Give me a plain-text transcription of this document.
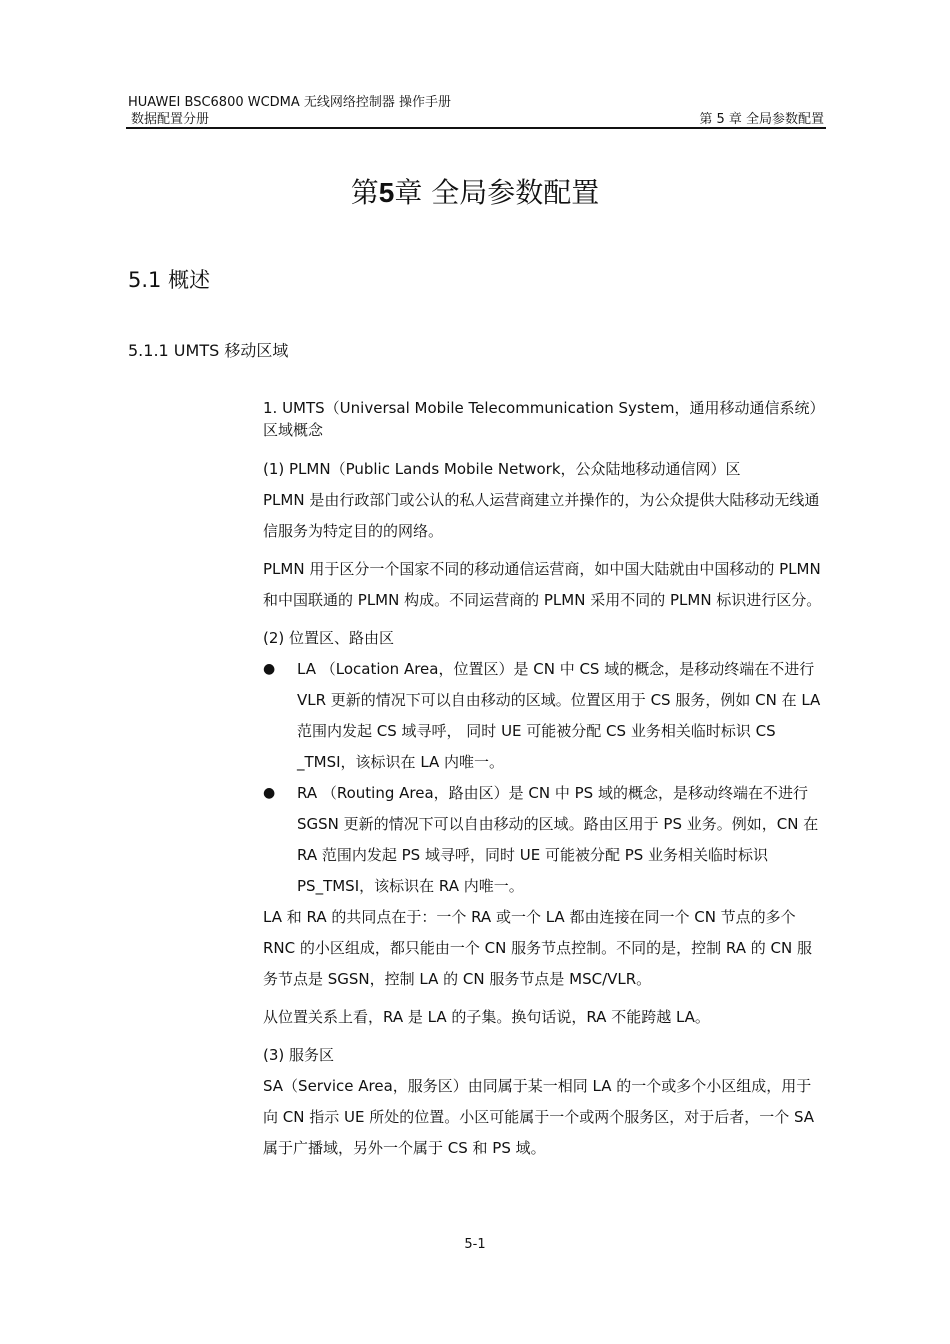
HUAWEI BSC6800 WCDMA 无线网络控制器 操作手册
数据配置分册	第 5 章 全局参数配置
第5章 全局参数配置
5.1 概述
5.1.1 UMTS 移动区域

1. UMTS（Universal Mobile Telecommunication System，通用移动通信系统）区域概念

(1) PLMN（Public Lands Mobile Network，公众陆地移动通信网）区

PLMN 是由行政部门或公认的私人运营商建立并操作的，为公众提供大陆移动无线通信服务为特定目的的网络。

PLMN 用于区分一个国家不同的移动通信运营商，如中国大陆就由中国移动的 PLMN 和中国联通的 PLMN 构成。不同运营商的 PLMN 采用不同的 PLMN 标识进行区分。

(2) 位置区、路由区

● LA （Location Area，位置区）是 CN 中 CS 域的概念，是移动终端在不进行 VLR 更新的情况下可以自由移动的区域。位置区用于 CS 服务，例如 CN 在 LA 范围内发起 CS 域寻呼， 同时 UE 可能被分配 CS 业务相关临时标识 CS _TMSI，该标识在 LA 内唯一。
● RA （Routing Area，路由区）是 CN 中 PS 域的概念，是移动终端在不进行 SGSN 更新的情况下可以自由移动的区域。路由区用于 PS 业务。例如，CN 在 RA 范围内发起 PS 域寻呼，同时 UE 可能被分配 PS 业务相关临时标识 PS_TMSI，该标识在 RA 内唯一。

LA 和 RA 的共同点在于：一个 RA 或一个 LA 都由连接在同一个 CN 节点的多个 RNC 的小区组成，都只能由一个 CN 服务节点控制。不同的是，控制 RA 的 CN 服务节点是 SGSN，控制 LA 的 CN 服务节点是 MSC/VLR。

从位置关系上看，RA 是 LA 的子集。换句话说，RA 不能跨越 LA。

(3) 服务区

SA（Service Area，服务区）由同属于某一相同 LA 的一个或多个小区组成，用于向 CN 指示 UE 所处的位置。小区可能属于一个或两个服务区，对于后者，一个 SA 属于广播域，另外一个属于 CS 和 PS 域。

5-1
